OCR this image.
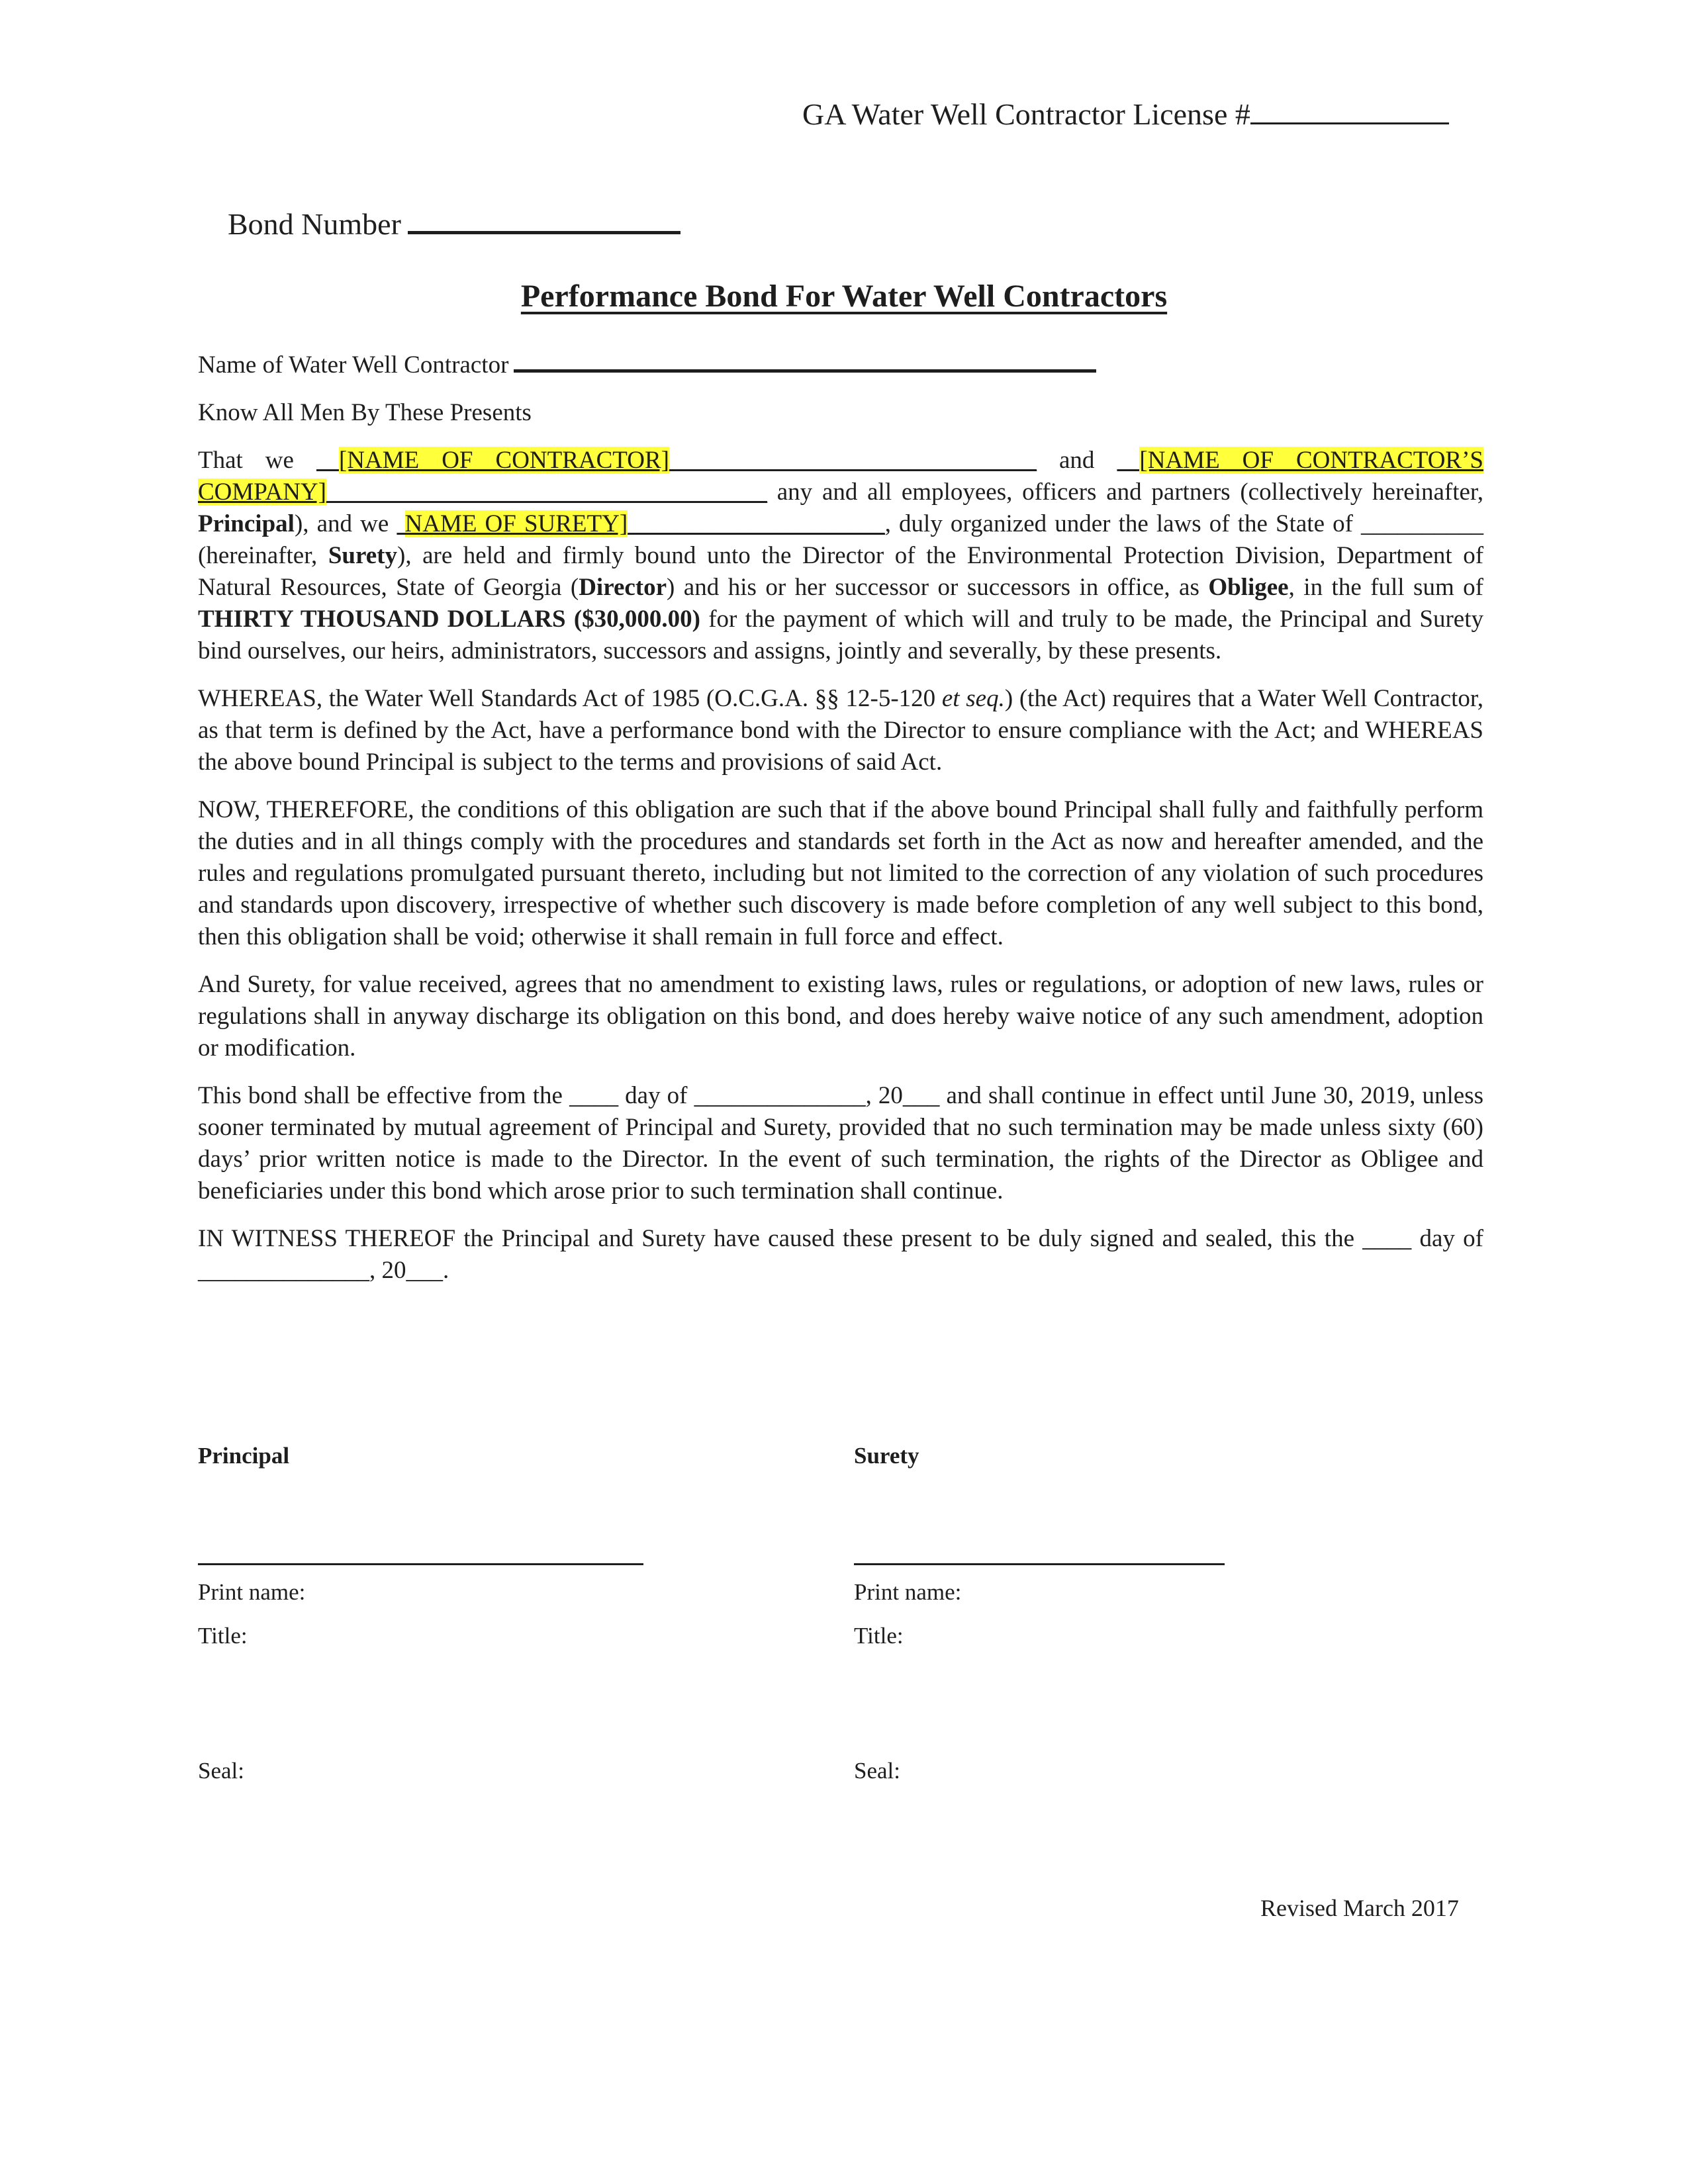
GA Water Well Contractor License #
Bond Number
Performance Bond For Water Well Contractors
Name of Water Well Contractor
Know All Men By These Presents

That we [NAME OF CONTRACTOR]______________________________ and [NAME OF CONTRACTOR’S COMPANY]____________________________________ any and all employees, officers and partners (collectively hereinafter, Principal), and we NAME OF SURETY]_____________________, duly organized under the laws of the State of __________ (hereinafter, Surety), are held and firmly bound unto the Director of the Environmental Protection Division, Department of Natural Resources, State of Georgia (Director) and his or her successor or successors in office, as Obligee, in the full sum of THIRTY THOUSAND DOLLARS ($30,000.00) for the payment of which will and truly to be made, the Principal and Surety bind ourselves, our heirs, administrators, successors and assigns, jointly and severally, by these presents.

WHEREAS, the Water Well Standards Act of 1985 (O.C.G.A. §§ 12-5-120 et seq.) (the Act) requires that a Water Well Contractor, as that term is defined by the Act, have a performance bond with the Director to ensure compliance with the Act; and WHEREAS the above bound Principal is subject to the terms and provisions of said Act.

NOW, THEREFORE, the conditions of this obligation are such that if the above bound Principal shall fully and faithfully perform the duties and in all things comply with the procedures and standards set forth in the Act as now and hereafter amended, and the rules and regulations promulgated pursuant thereto, including but not limited to the correction of any violation of such procedures and standards upon discovery, irrespective of whether such discovery is made before completion of any well subject to this bond, then this obligation shall be void; otherwise it shall remain in full force and effect.

And Surety, for value received, agrees that no amendment to existing laws, rules or regulations, or adoption of new laws, rules or regulations shall in anyway discharge its obligation on this bond, and does hereby waive notice of any such amendment, adoption or modification.

This bond shall be effective from the ____ day of ______________, 20___ and shall continue in effect until June 30, 2019, unless sooner terminated by mutual agreement of Principal and Surety, provided that no such termination may be made unless sixty (60) days’ prior written notice is made to the Director. In the event of such termination, the rights of the Director as Obligee and beneficiaries under this bond which arose prior to such termination shall continue.

IN WITNESS THEREOF the Principal and Surety have caused these present to be duly signed and sealed, this the ____ day of ______________, 20___.

Principal
Print name:
Title:
Seal:
Surety
Print name:
Title:
Seal:
Revised March 2017
